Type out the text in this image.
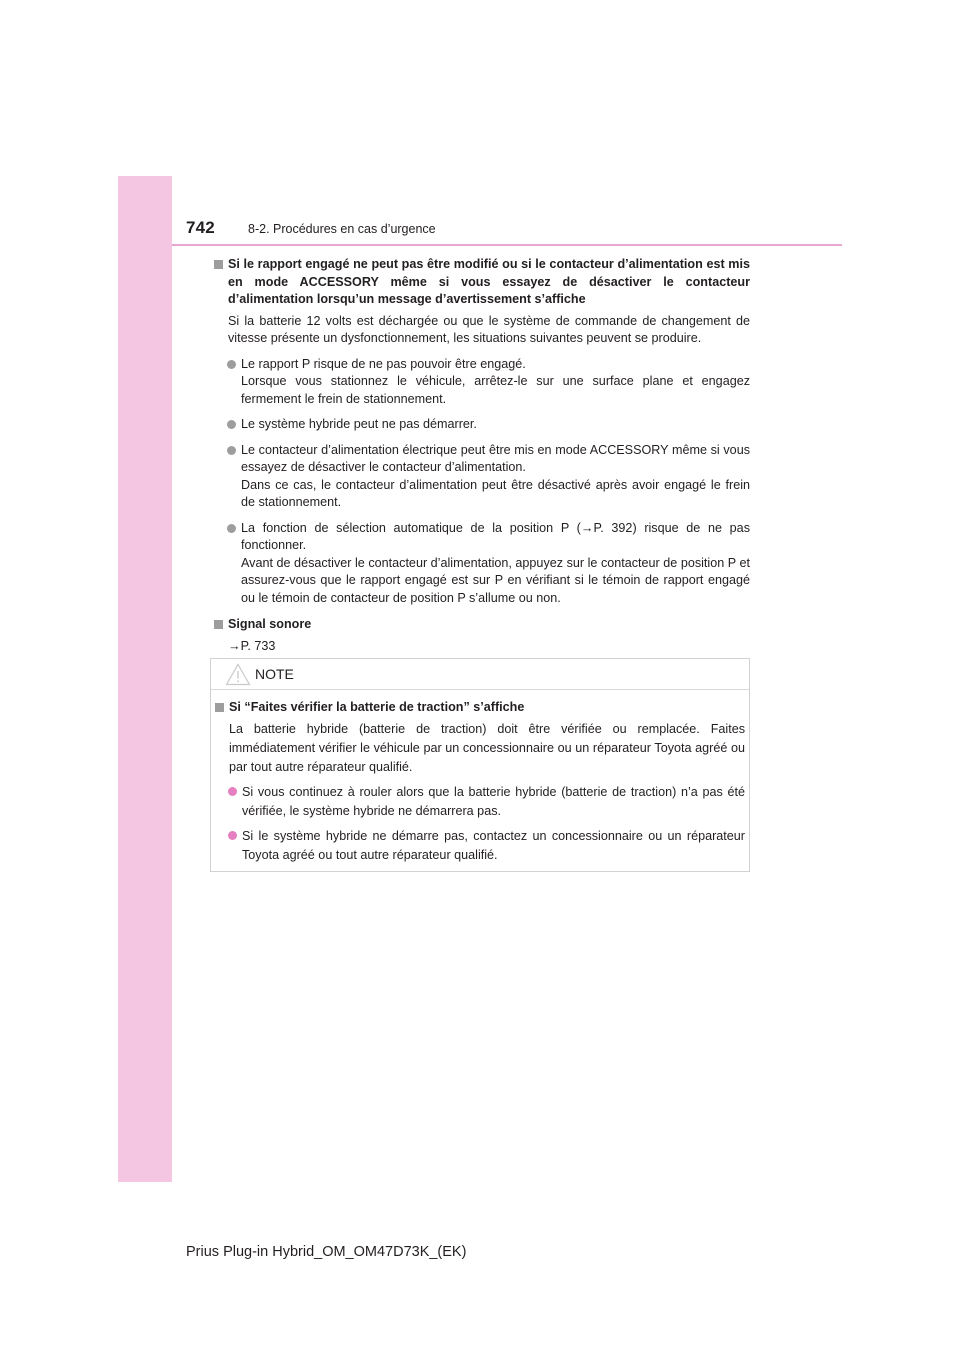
742	8-2. Procédures en cas d’urgence

Si le rapport engagé ne peut pas être modifié ou si le contacteur d’alimentation est mis en mode ACCESSORY même si vous essayez de désactiver le contacteur d’alimentation lorsqu’un message d’avertissement s’affiche

Si la batterie 12 volts est déchargée ou que le système de commande de changement de vitesse présente un dysfonctionnement, les situations suivantes peuvent se produire.

Le rapport P risque de ne pas pouvoir être engagé.
Lorsque vous stationnez le véhicule, arrêtez-le sur une surface plane et engagez fermement le frein de stationnement.

Le système hybride peut ne pas démarrer.

Le contacteur d’alimentation électrique peut être mis en mode ACCESSORY même si vous essayez de désactiver le contacteur d’alimentation.
Dans ce cas, le contacteur d’alimentation peut être désactivé après avoir engagé le frein de stationnement.

La fonction de sélection automatique de la position P (→P. 392) risque de ne pas fonctionner.
Avant de désactiver le contacteur d’alimentation, appuyez sur le contacteur de position P et assurez-vous que le rapport engagé est sur P en vérifiant si le témoin de rapport engagé ou le témoin de contacteur de position P s’allume ou non.

Signal sonore

→P. 733

NOTE

Si “Faites vérifier la batterie de traction” s’affiche

La batterie hybride (batterie de traction) doit être vérifiée ou remplacée. Faites immédiatement vérifier le véhicule par un concessionnaire ou un réparateur Toyota agréé ou par tout autre réparateur qualifié.

Si vous continuez à rouler alors que la batterie hybride (batterie de traction) n’a pas été vérifiée, le système hybride ne démarrera pas.

Si le système hybride ne démarre pas, contactez un concessionnaire ou un réparateur Toyota agréé ou tout autre réparateur qualifié.

Prius Plug-in Hybrid_OM_OM47D73K_(EK)
